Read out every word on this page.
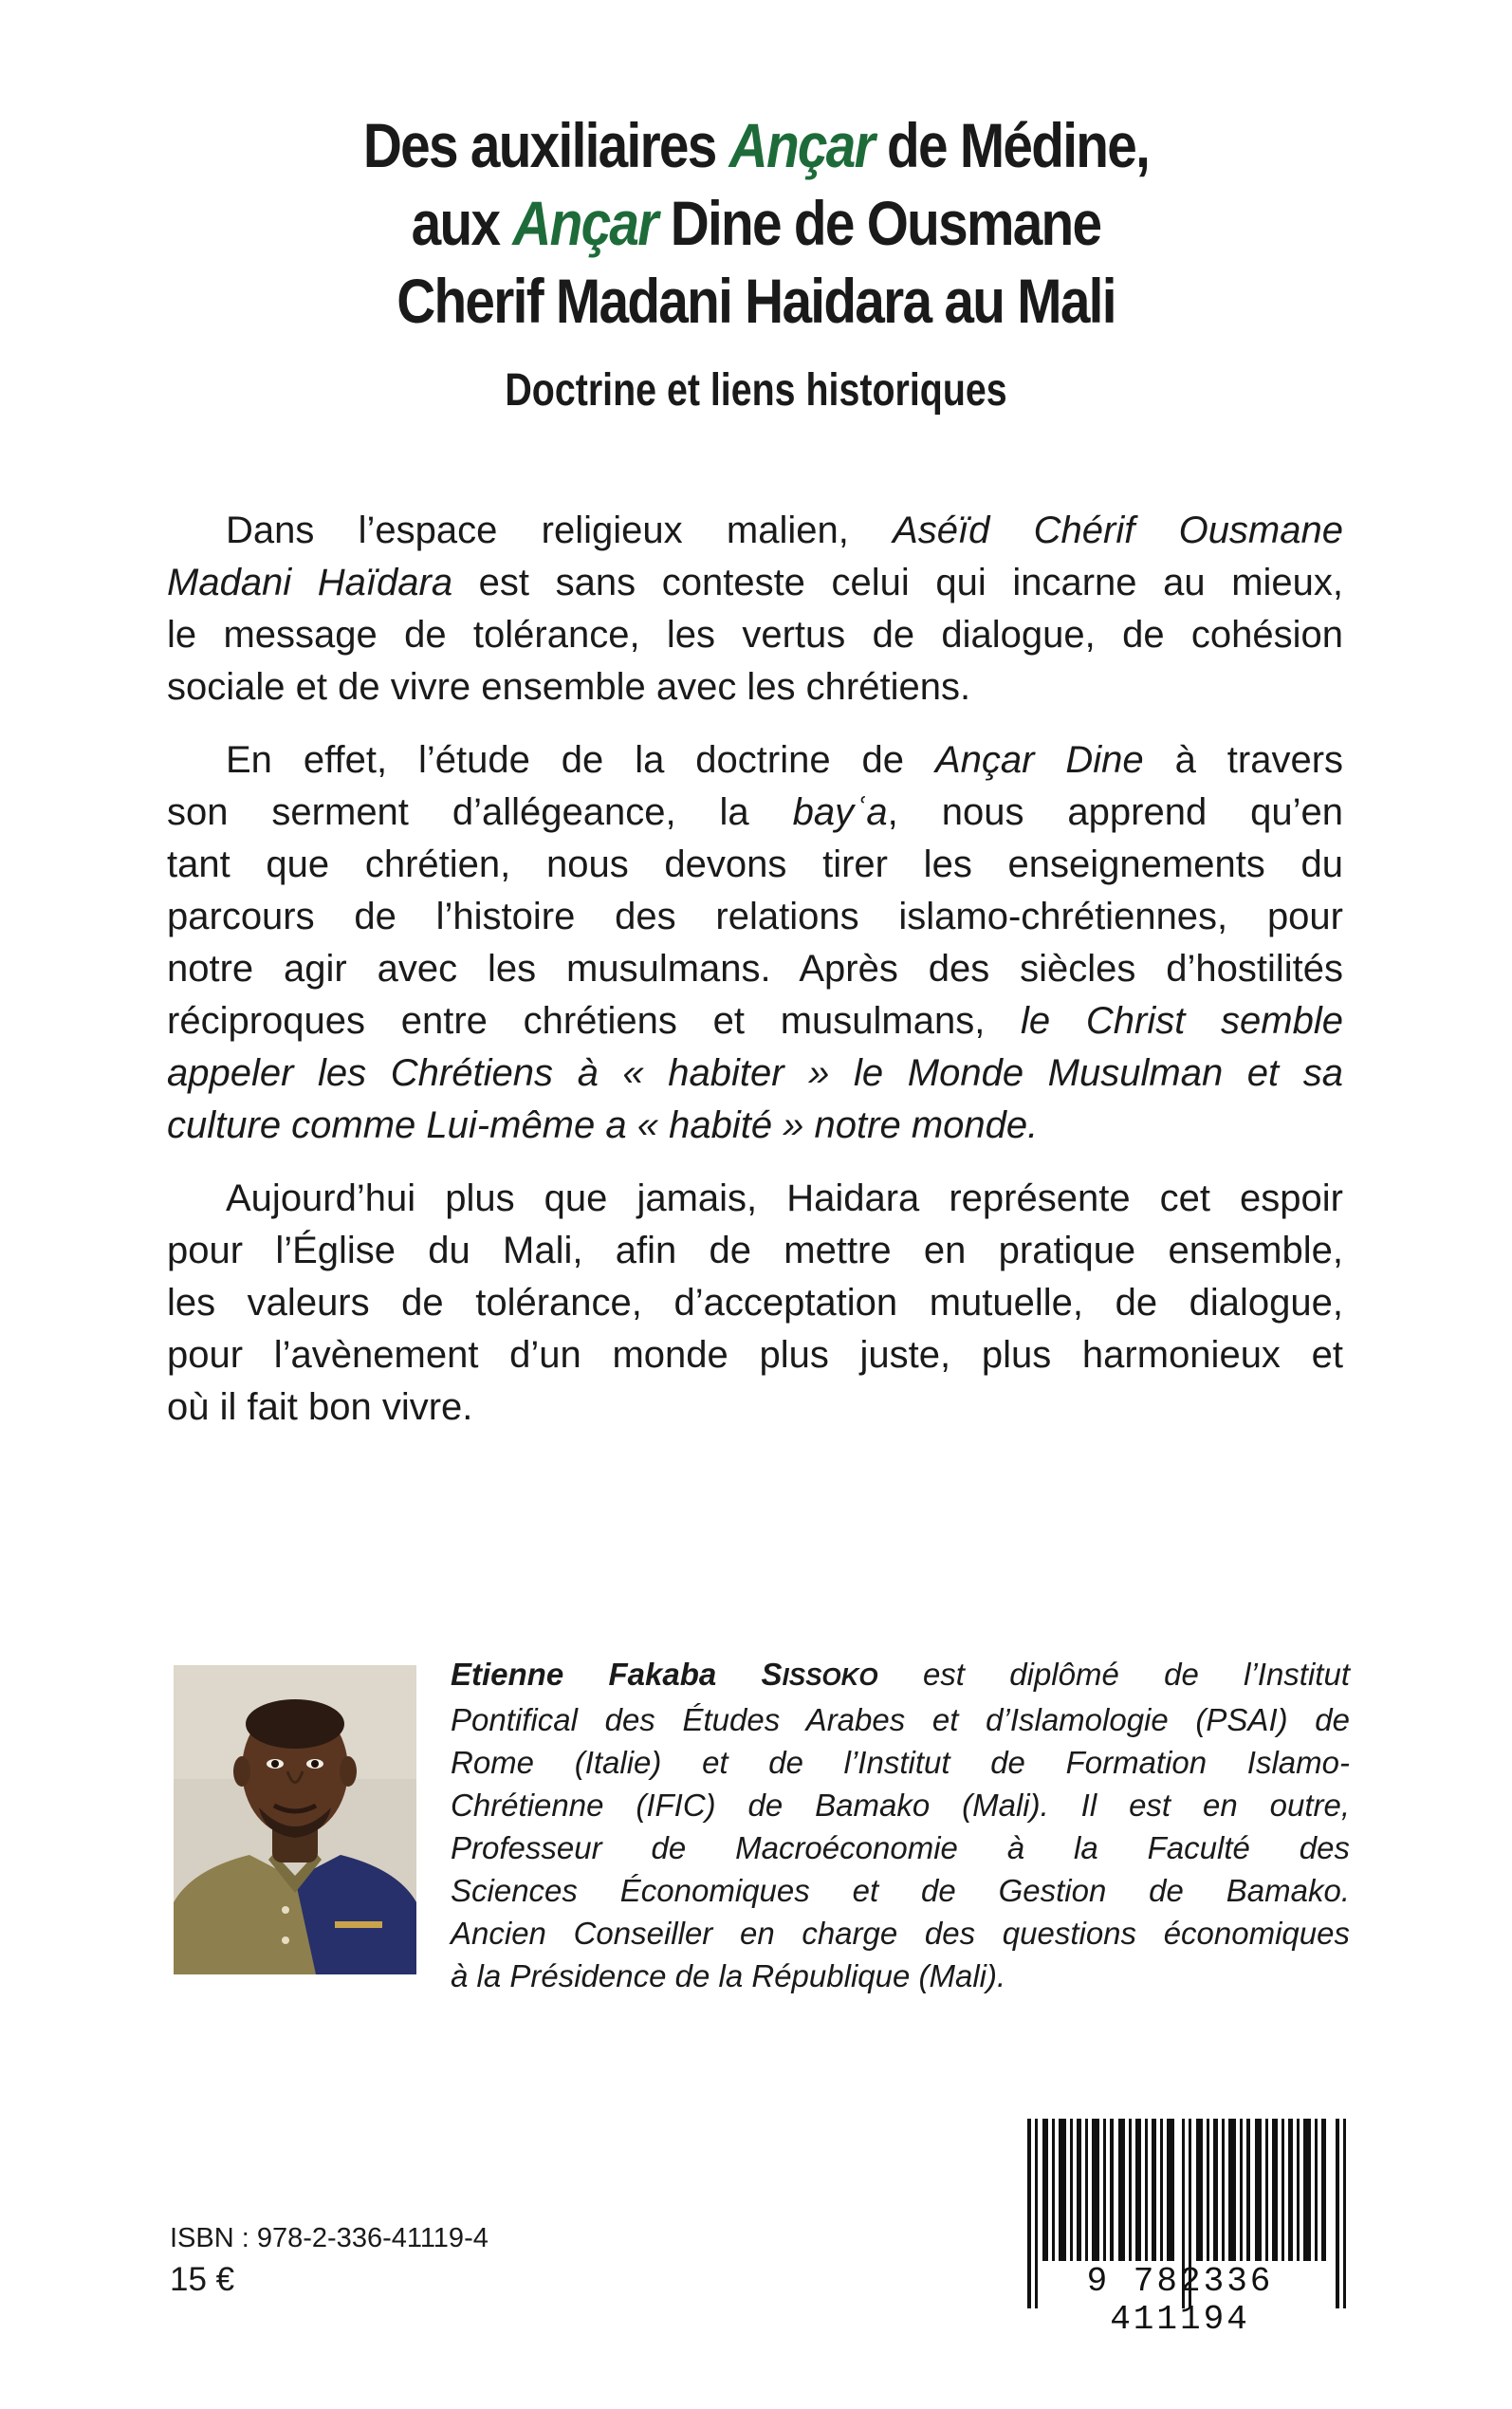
Des auxiliaires Ançar de Médine,
aux Ançar Dine de Ousmane
Cherif Madani Haidara au Mali
Doctrine et liens historiques

Dans l’espace religieux malien, Aséïd Chérif Ousmane
Madani Haïdara est sans conteste celui qui incarne au mieux,
le message de tolérance, les vertus de dialogue, de cohésion
sociale et de vivre ensemble avec les chrétiens.

En effet, l’étude de la doctrine de Ançar Dine à travers
son serment d’allégeance, la bayʿa, nous apprend qu’en
tant que chrétien, nous devons tirer les enseignements du
parcours de l’histoire des relations islamo-chrétiennes, pour
notre agir avec les musulmans. Après des siècles d’hostilités
réciproques entre chrétiens et musulmans, le Christ semble
appeler les Chrétiens à « habiter » le Monde Musulman et sa
culture comme Lui-même a « habité » notre monde.

Aujourd’hui plus que jamais, Haidara représente cet espoir
pour l’Église du Mali, afin de mettre en pratique ensemble,
les valeurs de tolérance, d’acceptation mutuelle, de dialogue,
pour l’avènement d’un monde plus juste, plus harmonieux et
où il fait bon vivre.

Etienne Fakaba SISSOKO est diplômé de l’Institut
Pontifical des Études Arabes et d’Islamologie (PSAI) de
Rome (Italie) et de l’Institut de Formation Islamo-
Chrétienne (IFIC) de Bamako (Mali). Il est en outre,
Professeur de Macroéconomie à la Faculté des
Sciences Économiques et de Gestion de Bamako.
Ancien Conseiller en charge des questions économiques
à la Présidence de la République (Mali).
ISBN : 978-2-336-41119-4
15 €	9 782336 411194
